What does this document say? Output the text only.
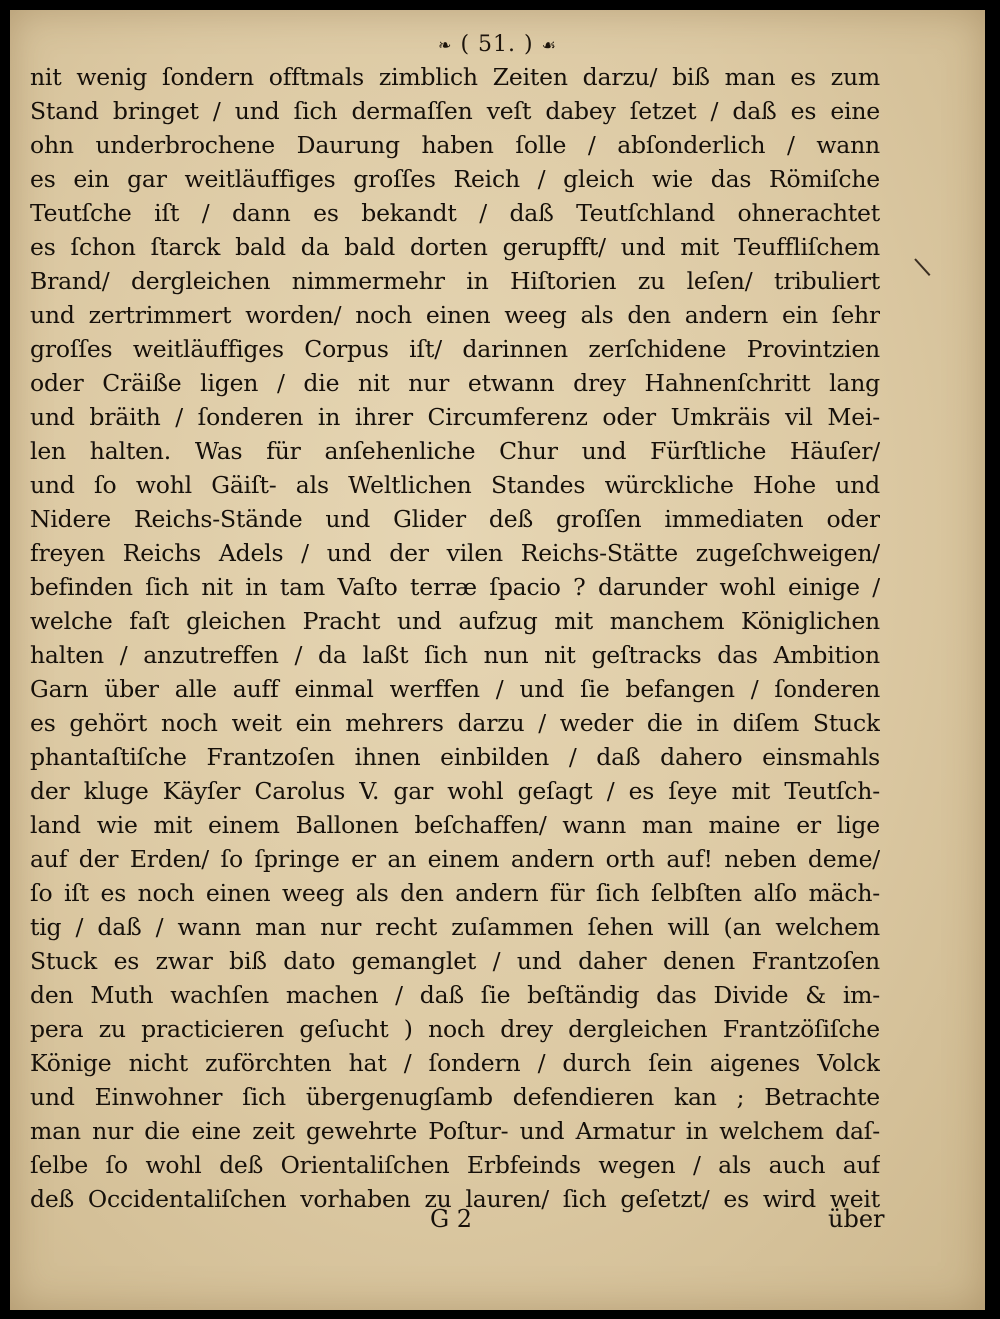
❧ ( 51. ) ☙
nit wenig ſondern offtmals zimblich Zeiten darzu/ biß man es zum
Stand bringet / und ſich dermaſſen veſt dabey ſetzet / daß es eine
ohn underbrochene Daurung haben ſolle / abſonderlich / wann
es ein gar weitläuffiges groſſes Reich / gleich wie das Römiſche
Teutſche iſt / dann es bekandt / daß Teutſchland ohnerachtet
es ſchon ſtarck bald da bald dorten gerupfft/ und mit Teuffliſchem
Brand/ dergleichen nimmermehr in Hiſtorien zu leſen/ tribuliert
und zertrimmert worden/ noch einen weeg als den andern ein ſehr
groſſes weitläuffiges Corpus iſt/ darinnen zerſchidene Provintzien
oder Cräiße ligen / die nit nur etwann drey Hahnenſchritt lang
und bräith / ſonderen in ihrer Circumferenz oder Umkräis vil Mei-
len halten. Was für anſehenliche Chur und Fürſtliche Häuſer/
und ſo wohl Gäiſt- als Weltlichen Standes würckliche Hohe und
Nidere Reichs-Stände und Glider deß groſſen immediaten oder
freyen Reichs Adels / und der vilen Reichs-Stätte zugeſchweigen/
befinden ſich nit in tam Vaſto terræ ſpacio ? darunder wohl einige /
welche faſt gleichen Pracht und aufzug mit manchem Königlichen
halten / anzutreffen / da laßt ſich nun nit geſtracks das Ambition
Garn über alle auff einmal werffen / und ſie befangen / ſonderen
es gehört noch weit ein mehrers darzu / weder die in diſem Stuck
phantaſtiſche Frantzoſen ihnen einbilden / daß dahero einsmahls
der kluge Käyſer Carolus V. gar wohl geſagt / es ſeye mit Teutſch-
land wie mit einem Ballonen beſchaffen/ wann man maine er lige
auf der Erden/ ſo ſpringe er an einem andern orth auf! neben deme/
ſo iſt es noch einen weeg als den andern für ſich ſelbſten alſo mäch-
tig / daß / wann man nur recht zuſammen ſehen will (an welchem
Stuck es zwar biß dato gemanglet / und daher denen Frantzoſen
den Muth wachſen machen / daß ſie beſtändig das Divide & im-
pera zu practicieren geſucht ) noch drey dergleichen Frantzöſiſche
Könige nicht zuförchten hat / ſondern / durch ſein aigenes Volck
und Einwohner ſich übergenugſamb defendieren kan ; Betrachte
man nur die eine zeit gewehrte Poſtur- und Armatur in welchem daſ-
ſelbe ſo wohl deß Orientaliſchen Erbfeinds wegen / als auch auf
deß Occidentaliſchen vorhaben zu lauren/ ſich geſetzt/ es wird weit
G 2	über
